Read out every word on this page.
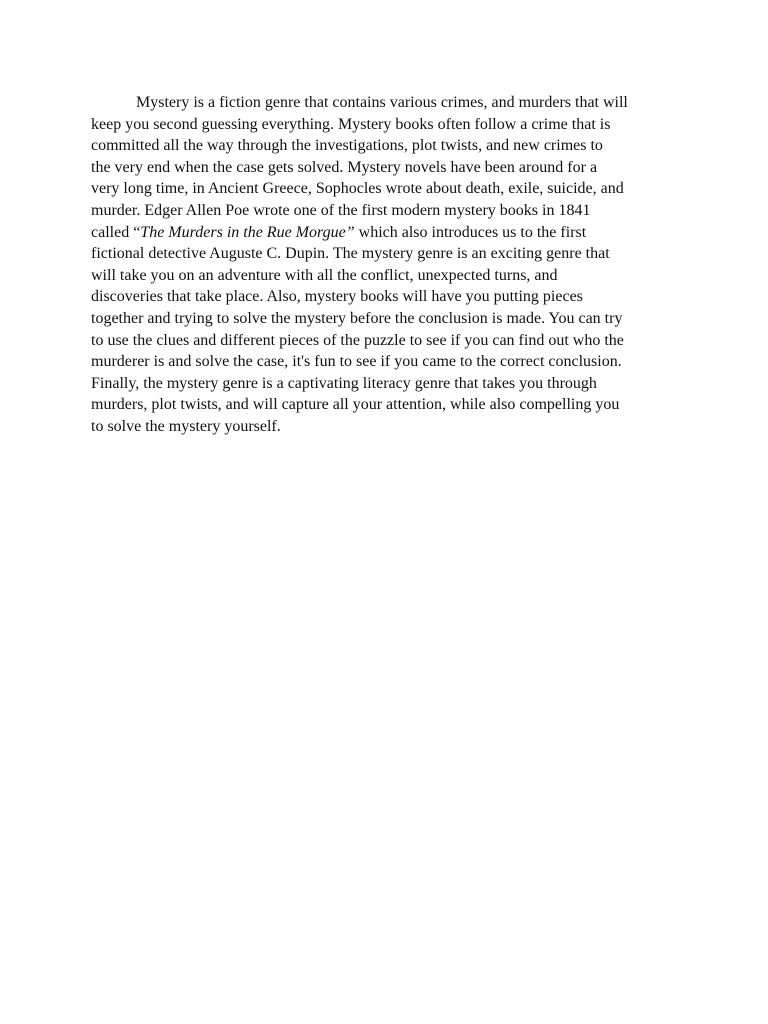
Mystery is a fiction genre that contains various crimes, and murders that will
keep you second guessing everything. Mystery books often follow a crime that is
committed all the way through the investigations, plot twists, and new crimes to
the very end when the case gets solved. Mystery novels have been around for a
very long time, in Ancient Greece, Sophocles wrote about death, exile, suicide, and
murder. Edger Allen Poe wrote one of the first modern mystery books in 1841
called “The Murders in the Rue Morgue” which also introduces us to the first
fictional detective Auguste C. Dupin. The mystery genre is an exciting genre that
will take you on an adventure with all the conflict, unexpected turns, and
discoveries that take place. Also, mystery books will have you putting pieces
together and trying to solve the mystery before the conclusion is made. You can try
to use the clues and different pieces of the puzzle to see if you can find out who the
murderer is and solve the case, it's fun to see if you came to the correct conclusion.
Finally, the mystery genre is a captivating literacy genre that takes you through
murders, plot twists, and will capture all your attention, while also compelling you
to solve the mystery yourself.
